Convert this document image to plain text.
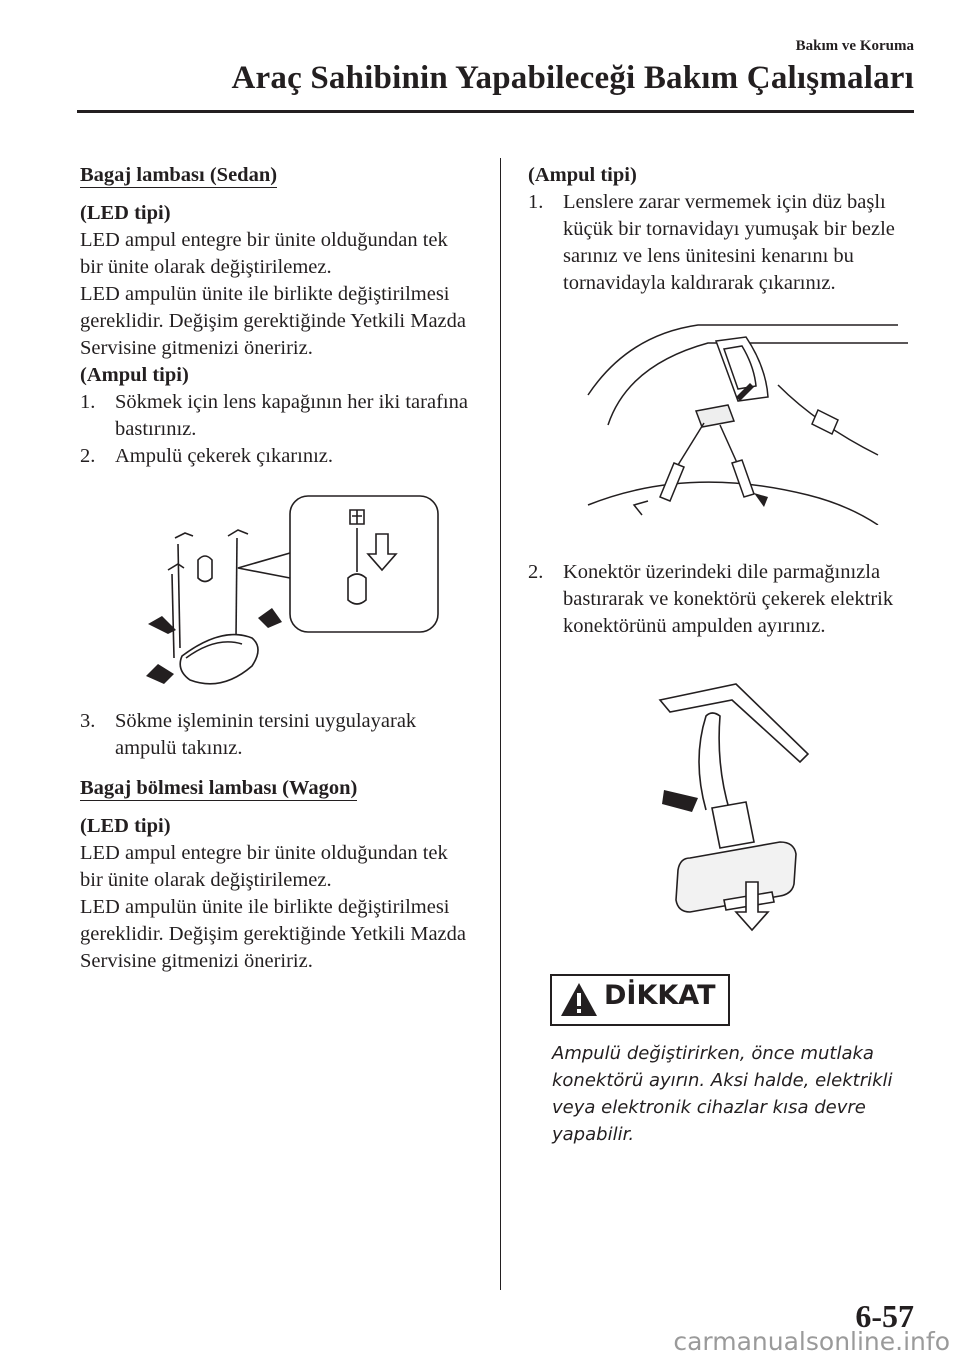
Bakım ve Koruma
Araç Sahibinin Yapabileceği Bakım Çalışmaları
Bagaj lambası (Sedan)
(LED tipi)

LED ampul entegre bir ünite olduğundan tek bir ünite olarak değiştirilemez.

LED ampulün ünite ile birlikte değiştirilmesi gereklidir. Değişim gerektiğinde Yetkili Mazda Servisine gitmenizi öneririz.

(Ampul tipi)
1. Sökmek için lens kapağının her iki tarafına bastırınız.
2. Ampulü çekerek çıkarınız.
3. Sökme işleminin tersini uygulayarak ampulü takınız.
Bagaj bölmesi lambası (Wagon)
(LED tipi)

LED ampul entegre bir ünite olduğundan tek bir ünite olarak değiştirilemez.

LED ampulün ünite ile birlikte değiştirilmesi gereklidir. Değişim gerektiğinde Yetkili Mazda Servisine gitmenizi öneririz.

(Ampul tipi)
1. Lenslere zarar vermemek için düz başlı küçük bir tornavidayı yumuşak bir bezle sarınız ve lens ünitesini kenarını bu tornavidayla kaldırarak çıkarınız.
2. Konektör üzerindeki dile parmağınızla bastırarak ve konektörü çekerek elektrik konektörünü ampulden ayırınız.
DİKKAT
Ampulü değiştirirken, önce mutlaka konektörü ayırın. Aksi halde, elektrikli veya elektronik cihazlar kısa devre yapabilir.
6-57
carmanualsonline.info
